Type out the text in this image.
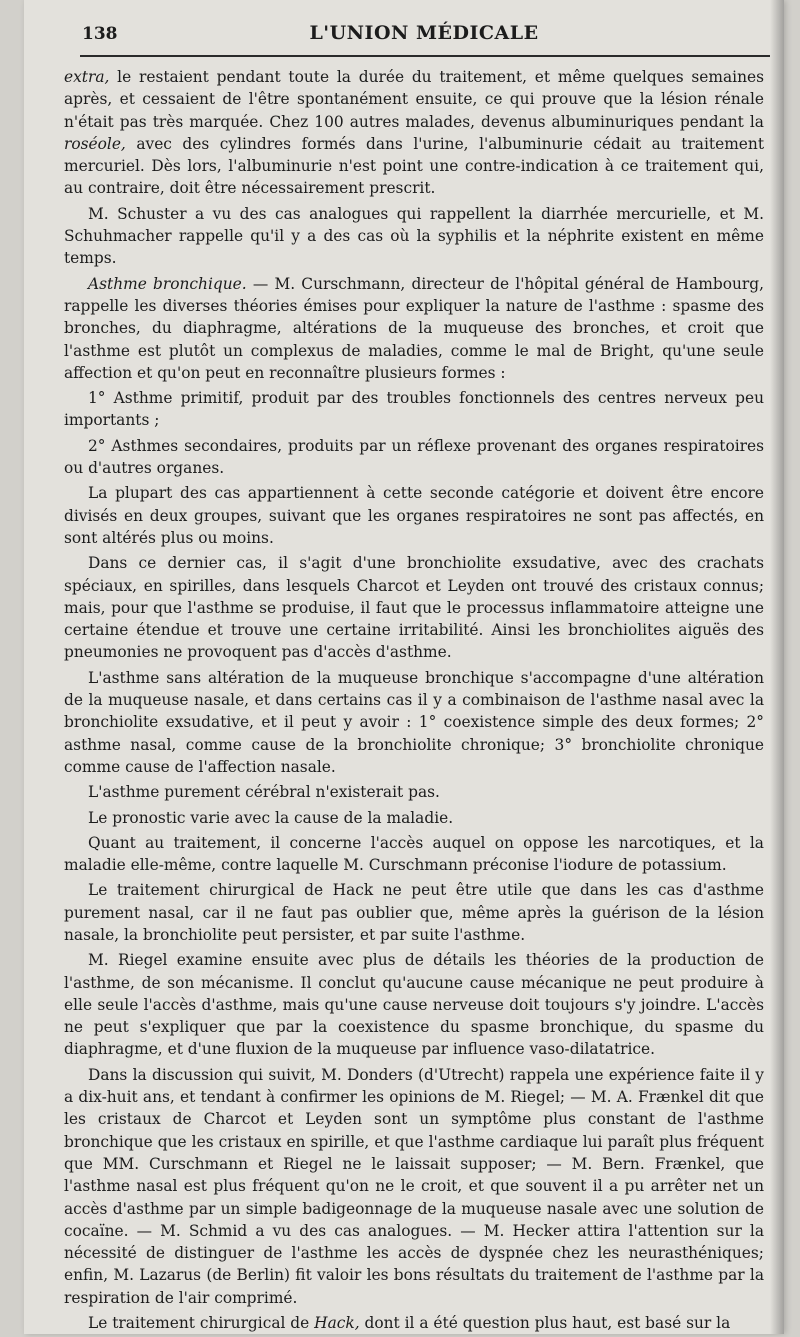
138	L'UNION MÉDICALE

extra, le restaient pendant toute la durée du traitement, et même quelques semaines après, et cessaient de l'être spontanément ensuite, ce qui prouve que la lésion rénale n'était pas très marquée. Chez 100 autres malades, devenus albuminuriques pendant la roséole, avec des cylindres formés dans l'urine, l'albuminurie cédait au traitement mercuriel. Dès lors, l'albuminurie n'est point une contre-indication à ce traitement qui, au contraire, doit être nécessairement prescrit.

M. Schuster a vu des cas analogues qui rappellent la diarrhée mercurielle, et M. Schuhmacher rappelle qu'il y a des cas où la syphilis et la néphrite existent en même temps.

Asthme bronchique. — M. Curschmann, directeur de l'hôpital général de Hambourg, rappelle les diverses théories émises pour expliquer la nature de l'asthme : spasme des bronches, du diaphragme, altérations de la muqueuse des bronches, et croit que l'asthme est plutôt un complexus de maladies, comme le mal de Bright, qu'une seule affection et qu'on peut en reconnaître plusieurs formes :

1° Asthme primitif, produit par des troubles fonctionnels des centres nerveux peu importants ;

2° Asthmes secondaires, produits par un réflexe provenant des organes respiratoires ou d'autres organes.

La plupart des cas appartiennent à cette seconde catégorie et doivent être encore divisés en deux groupes, suivant que les organes respiratoires ne sont pas affectés, en sont altérés plus ou moins.

Dans ce dernier cas, il s'agit d'une bronchiolite exsudative, avec des crachats spéciaux, en spirilles, dans lesquels Charcot et Leyden ont trouvé des cristaux connus; mais, pour que l'asthme se produise, il faut que le processus inflammatoire atteigne une certaine étendue et trouve une certaine irritabilité. Ainsi les bronchiolites aiguës des pneumonies ne provoquent pas d'accès d'asthme.

L'asthme sans altération de la muqueuse bronchique s'accompagne d'une altération de la muqueuse nasale, et dans certains cas il y a combinaison de l'asthme nasal avec la bronchiolite exsudative, et il peut y avoir : 1° coexistence simple des deux formes; 2° asthme nasal, comme cause de la bronchiolite chronique; 3° bronchiolite chronique comme cause de l'affection nasale.

L'asthme purement cérébral n'existerait pas.

Le pronostic varie avec la cause de la maladie.

Quant au traitement, il concerne l'accès auquel on oppose les narcotiques, et la maladie elle-même, contre laquelle M. Curschmann préconise l'iodure de potassium.

Le traitement chirurgical de Hack ne peut être utile que dans les cas d'asthme purement nasal, car il ne faut pas oublier que, même après la guérison de la lésion nasale, la bronchiolite peut persister, et par suite l'asthme.

M. Riegel examine ensuite avec plus de détails les théories de la production de l'asthme, de son mécanisme. Il conclut qu'aucune cause mécanique ne peut produire à elle seule l'accès d'asthme, mais qu'une cause nerveuse doit toujours s'y joindre. L'accès ne peut s'expliquer que par la coexistence du spasme bronchique, du spasme du diaphragme, et d'une fluxion de la muqueuse par influence vaso-dilatatrice.

Dans la discussion qui suivit, M. Donders (d'Utrecht) rappela une expérience faite il y a dix-huit ans, et tendant à confirmer les opinions de M. Riegel; — M. A. Frænkel dit que les cristaux de Charcot et Leyden sont un symptôme plus constant de l'asthme bronchique que les cristaux en spirille, et que l'asthme cardiaque lui paraît plus fréquent que MM. Curschmann et Riegel ne le laissait supposer; — M. Bern. Frænkel, que l'asthme nasal est plus fréquent qu'on ne le croit, et que souvent il a pu arrêter net un accès d'asthme par un simple badigeonnage de la muqueuse nasale avec une solution de cocaïne. — M. Schmid a vu des cas analogues. — M. Hecker attira l'attention sur la nécessité de distinguer de l'asthme les accès de dyspnée chez les neurasthéniques; enfin, M. Lazarus (de Berlin) fit valoir les bons résultats du traitement de l'asthme par la respiration de l'air comprimé.

Le traitement chirurgical de Hack, dont il a été question plus haut, est basé sur la
